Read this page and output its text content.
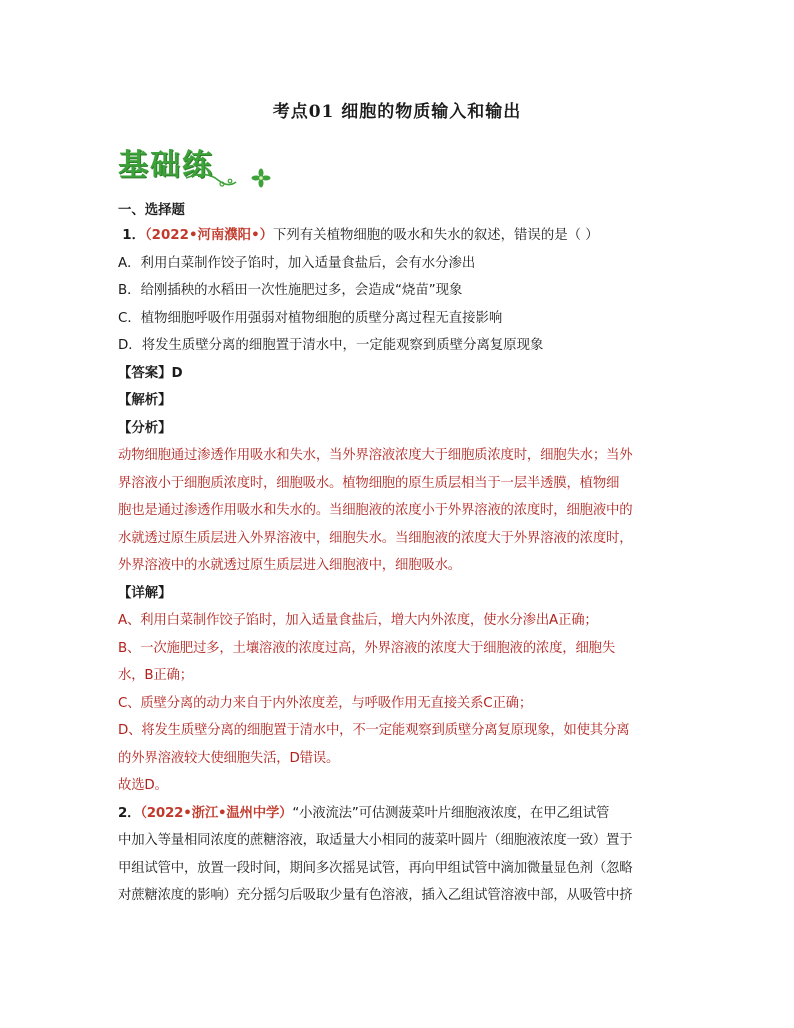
考点01 细胞的物质输入和输出
基础练
一、选择题
1．（2022•河南濮阳•）下列有关植物细胞的吸水和失水的叙述，错误的是（ ）
A．利用白菜制作饺子馅时，加入适量食盐后，会有水分渗出
B．给刚插秧的水稻田一次性施肥过多，会造成“烧苗”现象
C．植物细胞呼吸作用强弱对植物细胞的质壁分离过程无直接影响
D．将发生质壁分离的细胞置于清水中，一定能观察到质壁分离复原现象
【答案】D
【解析】
【分析】
动物细胞通过渗透作用吸水和失水，当外界溶液浓度大于细胞质浓度时，细胞失水；当外
界溶液小于细胞质浓度时，细胞吸水。植物细胞的原生质层相当于一层半透膜，植物细
胞也是通过渗透作用吸水和失水的。当细胞液的浓度小于外界溶液的浓度时，细胞液中的
水就透过原生质层进入外界溶液中，细胞失水。当细胞液的浓度大于外界溶液的浓度时，
外界溶液中的水就透过原生质层进入细胞液中，细胞吸水。
【详解】
A、利用白菜制作饺子馅时，加入适量食盐后，增大内外浓度，使水分渗出A正确；
B、一次施肥过多，土壤溶液的浓度过高，外界溶液的浓度大于细胞液的浓度，细胞失
水，B正确；
C、质壁分离的动力来自于内外浓度差，与呼吸作用无直接关系C正确；
D、将发生质壁分离的细胞置于清水中，不一定能观察到质壁分离复原现象，如使其分离
的外界溶液较大使细胞失活，D错误。
故选D。
2．（2022•浙江•温州中学）“小液流法”可估测菠菜叶片细胞液浓度，在甲乙组试管
中加入等量相同浓度的蔗糖溶液，取适量大小相同的菠菜叶圆片（细胞液浓度一致）置于
甲组试管中，放置一段时间，期间多次摇晃试管，再向甲组试管中滴加微量显色剂（忽略
对蔗糖浓度的影响）充分摇匀后吸取少量有色溶液，插入乙组试管溶液中部，从吸管中挤
